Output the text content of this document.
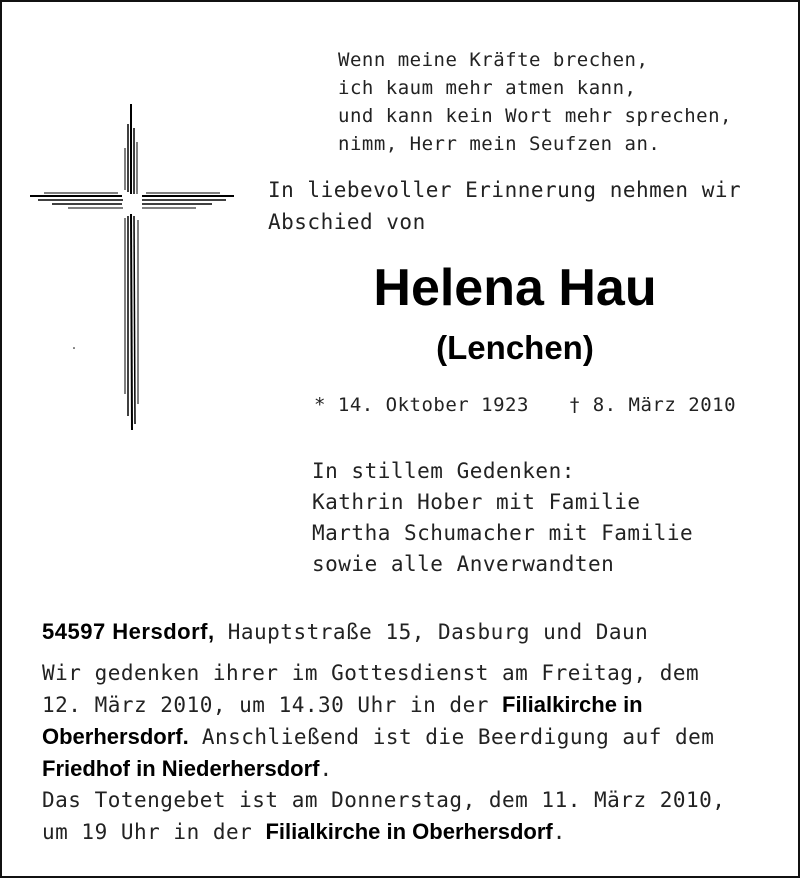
Wenn meine Kräfte brechen,
ich kaum mehr atmen kann,
und kann kein Wort mehr sprechen,
nimm, Herr mein Seufzen an.
In liebevoller Erinnerung nehmen wir
Abschied von
Helena Hau
(Lenchen)
* 14. Oktober 1923 † 8. März 2010
In stillem Gedenken:
Kathrin Hober mit Familie
Martha Schumacher mit Familie
sowie alle Anverwandten
54597 Hersdorf, Hauptstraße 15, Dasburg und Daun
Wir gedenken ihrer im Gottesdienst am Freitag, dem
12. März 2010, um 14.30 Uhr in der Filialkirche in
Oberhersdorf. Anschließend ist die Beerdigung auf dem
Friedhof in Niederhersdorf.
Das Totengebet ist am Donnerstag, dem 11. März 2010,
um 19 Uhr in der Filialkirche in Oberhersdorf.
